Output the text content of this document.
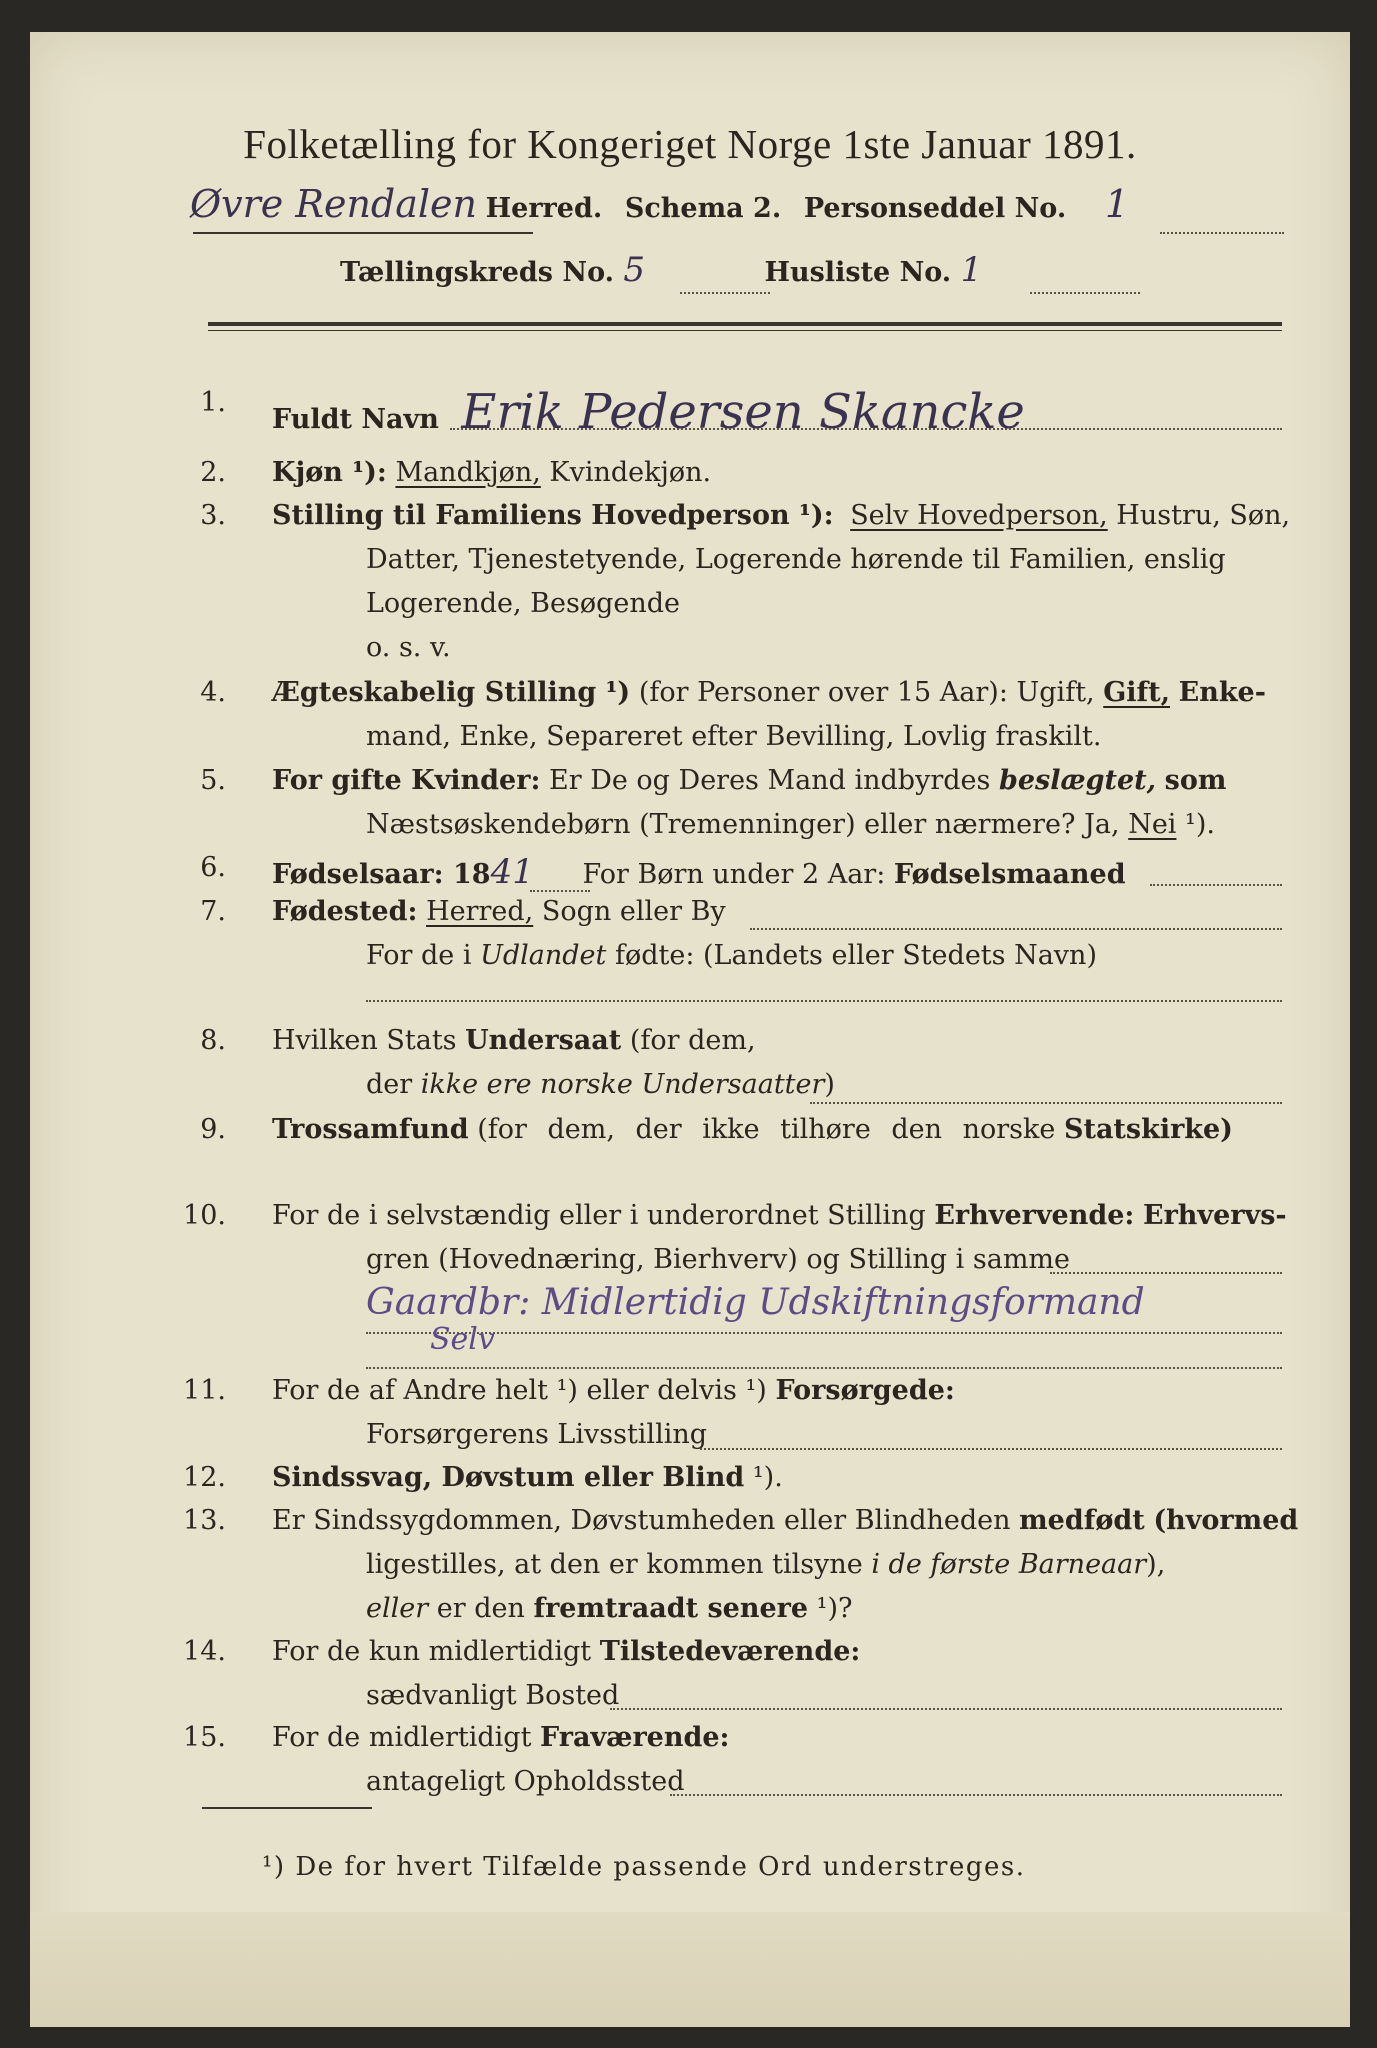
Folketælling for Kongeriget Norge 1ste Januar 1891.
Øvre Rendalen Herred. Schema 2. Personseddel No. 1
Tællingskreds No. 5	Husliste No. 1
1.
Fuldt Navn Erik Pedersen Skancke
2. Kjøn ¹): Mandkjøn, Kvindekjøn.
3. Stilling til Familiens Hovedperson ¹): Selv Hovedperson, Hustru, Søn,
Datter, Tjenestetyende, Logerende hørende til Familien, enslig
Logerende, Besøgende
o. s. v.
4. Ægteskabelig Stilling ¹) (for Personer over 15 Aar): Ugift, Gift, Enke-
mand, Enke, Separeret efter Bevilling, Lovlig fraskilt.
5. For gifte Kvinder: Er De og Deres Mand indbyrdes beslægtet, som
Næstsøskendebørn (Tremenninger) eller nærmere? Ja, Nei ¹).
6. Fødselsaar: 1841 For Børn under 2 Aar: Fødselsmaaned
7. Fødested: Herred, Sogn eller By
For de i Udlandet fødte: (Landets eller Stedets Navn)
8. Hvilken Stats Undersaat (for dem,
der ikke ere norske Undersaatter)
9. Trossamfund (for dem, der ikke tilhøre den norske Statskirke)
10. For de i selvstændig eller i underordnet Stilling Erhvervende: Erhvervs-
gren (Hovednæring, Bierhverv) og Stilling i samme
Gaardbr: Midlertidig Udskiftningsformand
Selv
11. For de af Andre helt ¹) eller delvis ¹) Forsørgede:
Forsørgerens Livsstilling
12. Sindssvag, Døvstum eller Blind ¹).
13. Er Sindssygdommen, Døvstumheden eller Blindheden medfødt (hvormed
ligestilles, at den er kommen tilsyne i de første Barneaar),
eller er den fremtraadt senere ¹)?
14. For de kun midlertidigt Tilstedeværende:
sædvanligt Bosted
15. For de midlertidigt Fraværende:
antageligt Opholdssted
¹) De for hvert Tilfælde passende Ord understreges.
